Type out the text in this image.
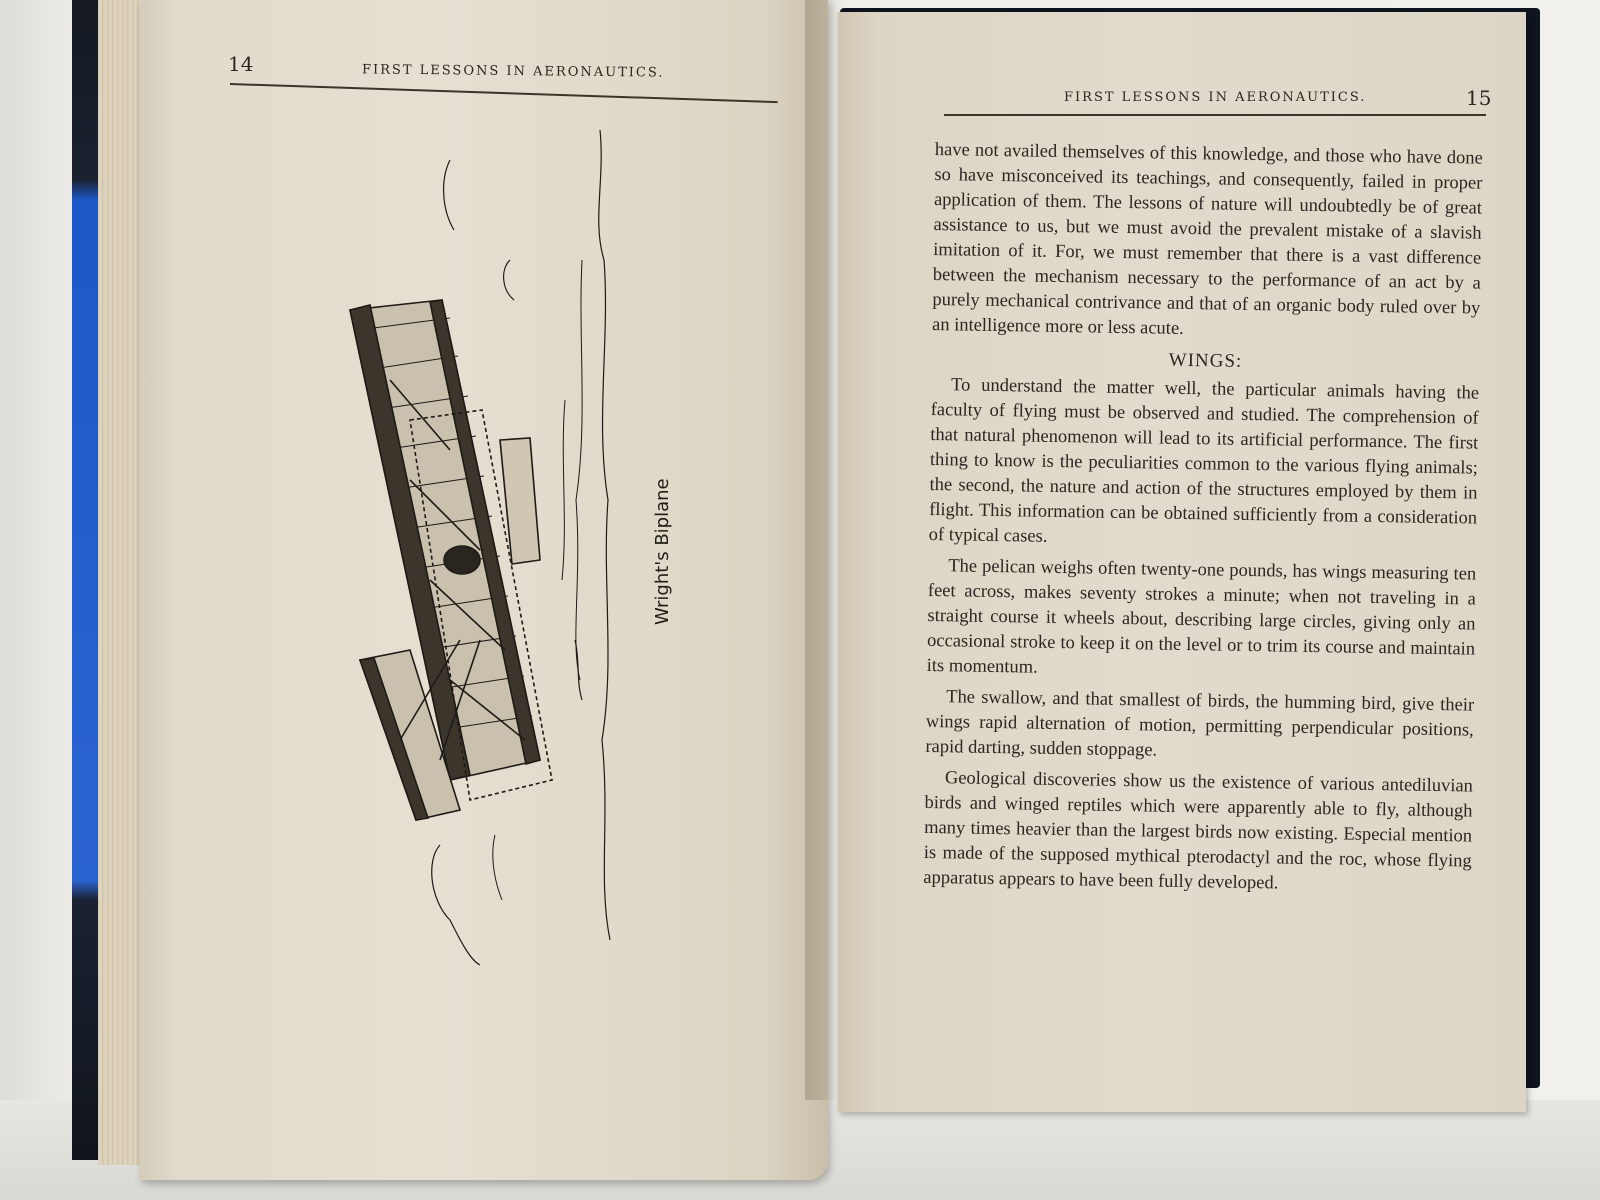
14	FIRST LESSONS IN AERONAUTICS.
Wright's Biplane
FIRST LESSONS IN AERONAUTICS.	15

have not availed themselves of this knowledge, and those who have done so have misconceived its teachings, and consequently, failed in proper application of them. The lessons of nature will undoubtedly be of great assistance to us, but we must avoid the prevalent mistake of a slavish imitation of it. For, we must remember that there is a vast difference between the mechanism necessary to the performance of an act by a purely mechanical contrivance and that of an organic body ruled over by an intelligence more or less acute.

WINGS:

To understand the matter well, the particular animals having the faculty of flying must be observed and studied. The comprehension of that natural phenomenon will lead to its artificial performance. The first thing to know is the peculiarities common to the various flying animals; the second, the nature and action of the structures employed by them in flight. This information can be obtained sufficiently from a consideration of typical cases.

The pelican weighs often twenty-one pounds, has wings measuring ten feet across, makes seventy strokes a minute; when not traveling in a straight course it wheels about, describing large circles, giving only an occasional stroke to keep it on the level or to trim its course and maintain its momentum.

The swallow, and that smallest of birds, the humming bird, give their wings rapid alternation of motion, permitting perpendicular positions, rapid darting, sudden stoppage.

Geological discoveries show us the existence of various antediluvian birds and winged reptiles which were apparently able to fly, although many times heavier than the largest birds now existing. Especial mention is made of the supposed mythical pterodactyl and the roc, whose flying apparatus appears to have been fully developed.
